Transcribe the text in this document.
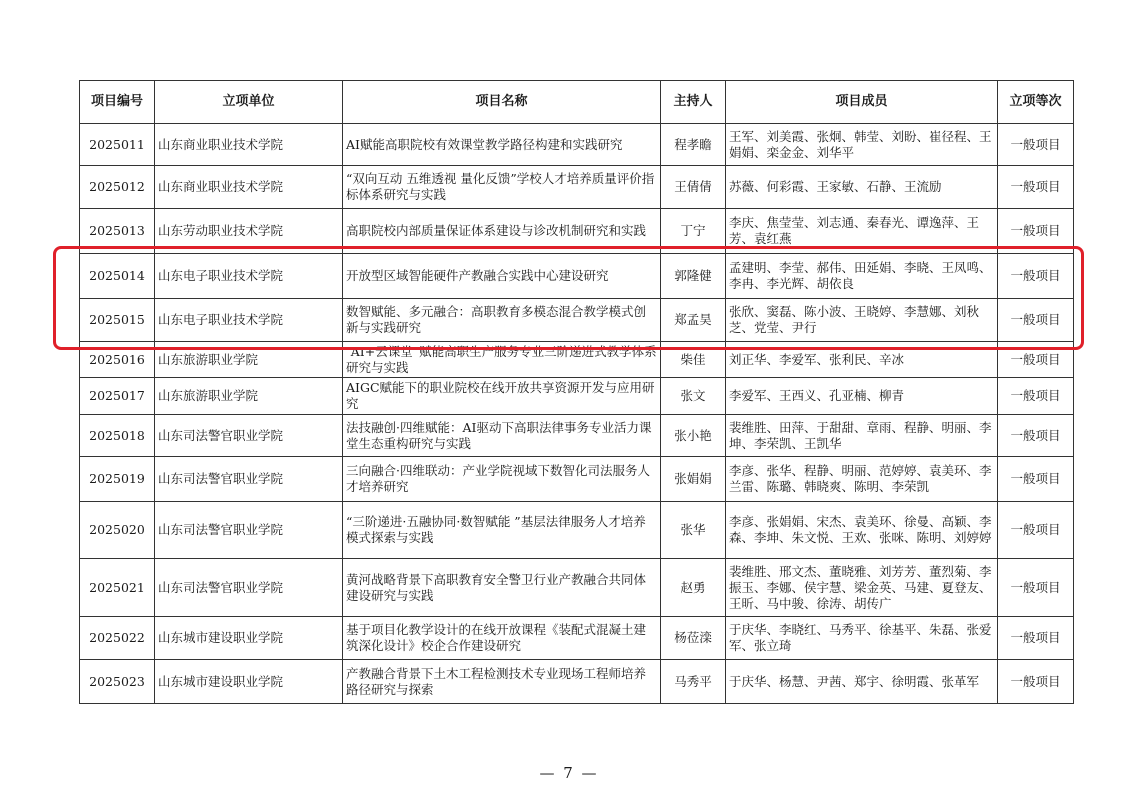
项目编号	立项单位	项目名称	主持人	项目成员	立项等次
2025011	山东商业职业技术学院	AI赋能高职院校有效课堂教学路径构建和实践研究	程孝瞻	王军、刘美霞、张炯、韩莹、刘盼、崔径程、王娟娟、栾金金、刘华平	一般项目
2025012	山东商业职业技术学院	“双向互动 五维透视 量化反馈”学校人才培养质量评价指标体系研究与实践	王倩倩	苏薇、何彩霞、王家敏、石静、王流励	一般项目
2025013	山东劳动职业技术学院	高职院校内部质量保证体系建设与诊改机制研究和实践	丁宁	李庆、焦莹莹、刘志通、秦春光、谭逸萍、王芳、袁红燕	一般项目
2025014	山东电子职业技术学院	开放型区域智能硬件产教融合实践中心建设研究	郭隆健	孟建明、李莹、郝伟、田延娟、李晓、王凤鸣、李冉、李光辉、胡依良	一般项目
2025015	山东电子职业技术学院	数智赋能、多元融合：高职教育多模态混合教学模式创新与实践研究	郑孟昊	张欣、窦磊、陈小波、王晓婷、李慧娜、刘秋芝、党莹、尹行	一般项目
2025016	山东旅游职业学院	“AI+云课堂”赋能高职生产服务专业三阶递进式教学体系研究与实践	柴佳	刘正华、李爱军、张利民、辛冰	一般项目
2025017	山东旅游职业学院	AIGC赋能下的职业院校在线开放共享资源开发与应用研究	张文	李爱军、王西义、孔亚楠、柳青	一般项目
2025018	山东司法警官职业学院	法技融创·四维赋能：AI驱动下高职法律事务专业活力课堂生态重构研究与实践	张小艳	裴维胜、田萍、于甜甜、章雨、程静、明丽、李坤、李荣凯、王凯华	一般项目
2025019	山东司法警官职业学院	三向融合·四维联动：产业学院视域下数智化司法服务人才培养研究	张娟娟	李彦、张华、程静、明丽、范婷婷、袁美环、李兰雷、陈璐、韩晓爽、陈明、李荣凯	一般项目
2025020	山东司法警官职业学院	“三阶递进·五融协同·数智赋能 ”基层法律服务人才培养模式探索与实践	张华	李彦、张娟娟、宋杰、袁美环、徐曼、高颖、李森、李坤、朱文悦、王欢、张咪、陈明、刘婷婷	一般项目
2025021	山东司法警官职业学院	黄河战略背景下高职教育安全警卫行业产教融合共同体建设研究与实践	赵勇	裴维胜、邢文杰、董晓雅、刘芳芳、董烈菊、李振玉、李娜、侯宇慧、梁金英、马建、夏登友、王昕、马中骏、徐涛、胡传广	一般项目
2025022	山东城市建设职业学院	基于项目化教学设计的在线开放课程《装配式混凝土建筑深化设计》校企合作建设研究	杨莅滦	于庆华、李晓红、马秀平、徐基平、朱磊、张爱军、张立琦	一般项目
2025023	山东城市建设职业学院	产教融合背景下土木工程检测技术专业现场工程师培养路径研究与探索	马秀平	于庆华、杨慧、尹茜、郑宇、徐明霞、张革军	一般项目
— 7 —
